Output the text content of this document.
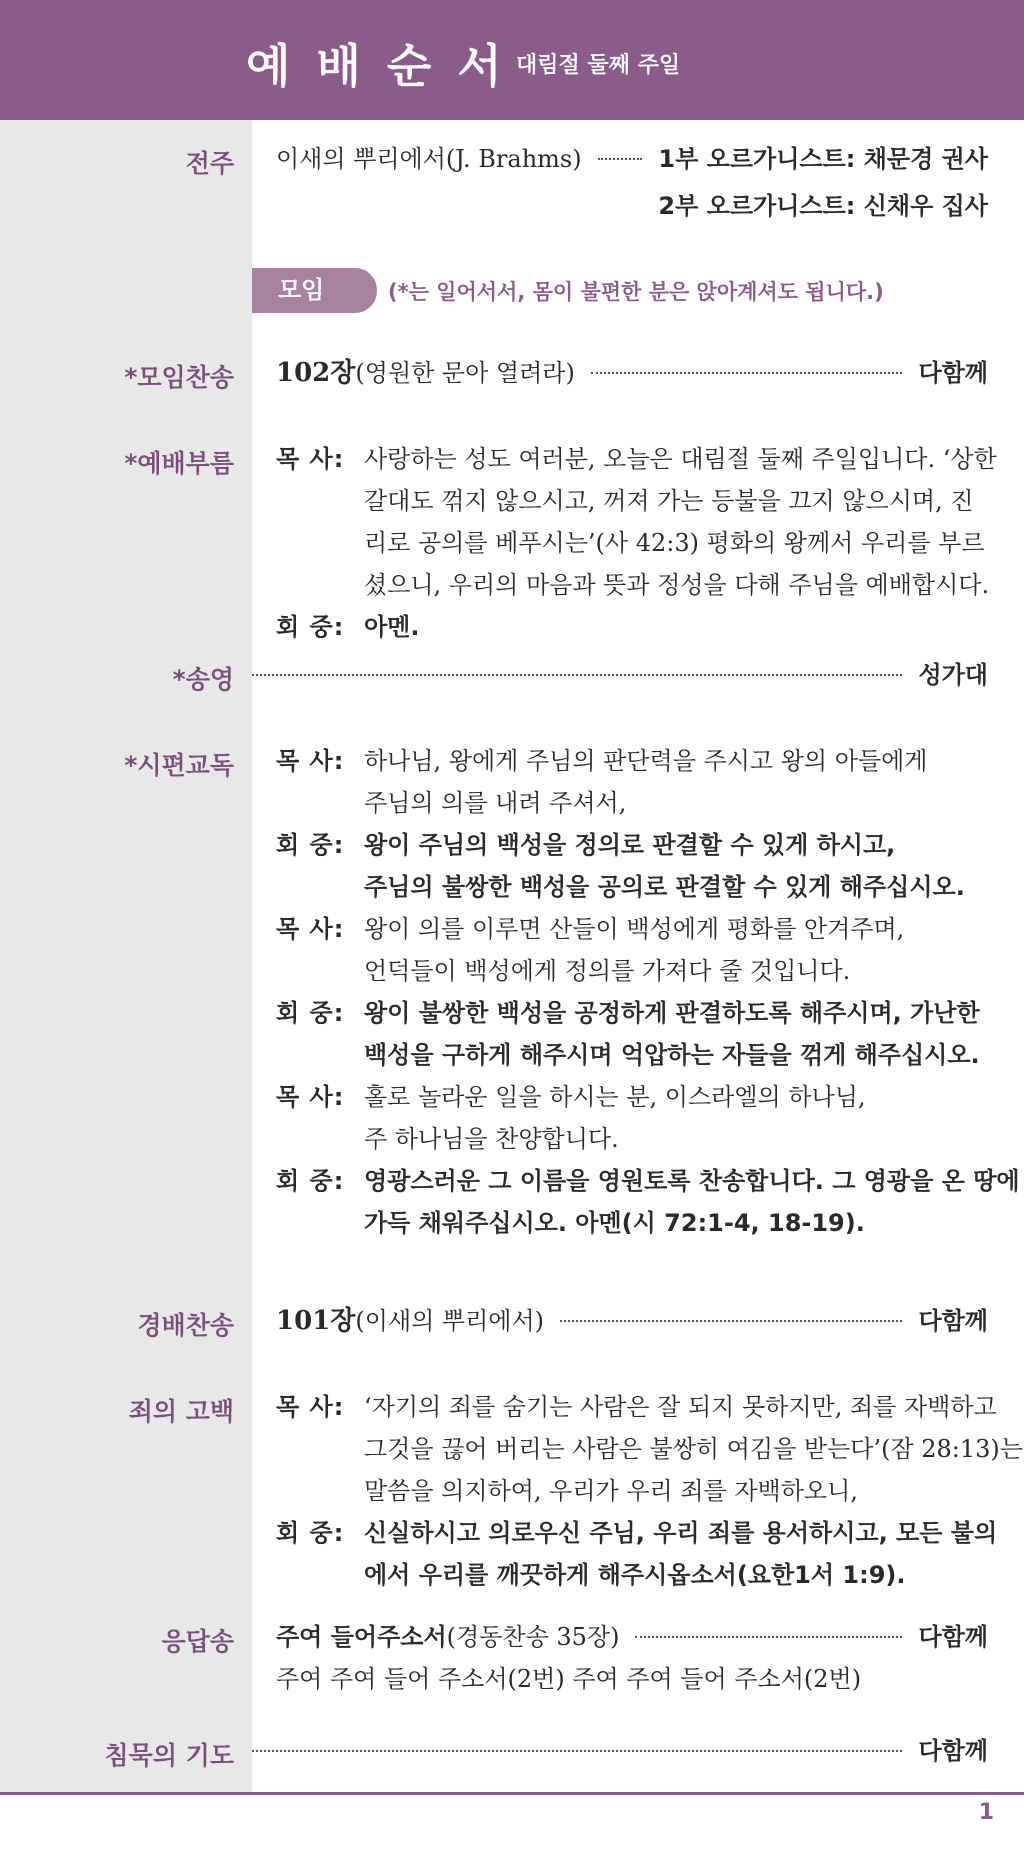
예배순서
대림절 둘째 주일
전주 이새의 뿌리에서(J. Brahms)	1부 오르가니스트: 채문경 권사
2부 오르가니스트: 신채우 집사
모임	(*는 일어서서, 몸이 불편한 분은 앉아계셔도 됩니다.)
*모임찬송 102장 (영원한 문아 열려라)	다함께
*예배부름 목 사: 사랑하는 성도 여러분, 오늘은 대림절 둘째 주일입니다. ‘상한
갈대도 꺾지 않으시고, 꺼져 가는 등불을 끄지 않으시며, 진
리로 공의를 베푸시는’(사 42:3) 평화의 왕께서 우리를 부르
셨으니, 우리의 마음과 뜻과 정성을 다해 주님을 예배합시다.
회 중: 아멘.
*송영	성가대
*시편교독 목 사: 하나님, 왕에게 주님의 판단력을 주시고 왕의 아들에게
주님의 의를 내려 주셔서,
회 중: 왕이 주님의 백성을 정의로 판결할 수 있게 하시고,
주님의 불쌍한 백성을 공의로 판결할 수 있게 해주십시오.
목 사: 왕이 의를 이루면 산들이 백성에게 평화를 안겨주며,
언덕들이 백성에게 정의를 가져다 줄 것입니다.
회 중: 왕이 불쌍한 백성을 공정하게 판결하도록 해주시며, 가난한
백성을 구하게 해주시며 억압하는 자들을 꺾게 해주십시오.
목 사: 홀로 놀라운 일을 하시는 분, 이스라엘의 하나님,
주 하나님을 찬양합니다.
회 중: 영광스러운 그 이름을 영원토록 찬송합니다. 그 영광을 온 땅에
가득 채워주십시오. 아멘(시 72:1-4, 18-19).
경배찬송 101장 (이새의 뿌리에서)	다함께
죄의 고백 목 사: ‘자기의 죄를 숨기는 사람은 잘 되지 못하지만, 죄를 자백하고
그것을 끊어 버리는 사람은 불쌍히 여김을 받는다’(잠 28:13)는
말씀을 의지하여, 우리가 우리 죄를 자백하오니,
회 중: 신실하시고 의로우신 주님, 우리 죄를 용서하시고, 모든 불의
에서 우리를 깨끗하게 해주시옵소서(요한1서 1:9).
응답송 주여 들어주소서 (경동찬송 35장)	다함께
주여 주여 들어 주소서(2번) 주여 주여 들어 주소서(2번)
침묵의 기도	다함께
1
